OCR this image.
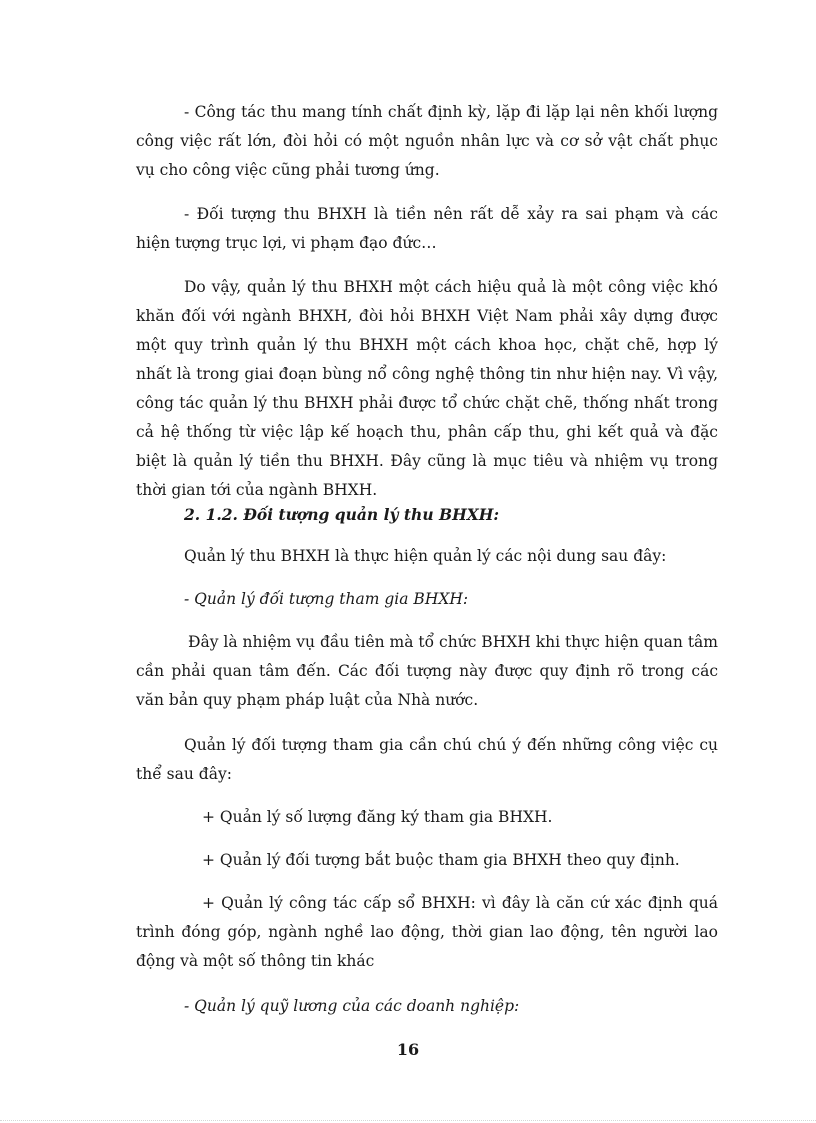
- Công tác thu mang tính chất định kỳ, lặp đi lặp lại nên khối lượng công việc rất lớn, đòi hỏi có một nguồn nhân lực và cơ sở vật chất phục vụ cho công việc cũng phải tương ứng.

- Đối tượng thu BHXH là tiền nên rất dễ xảy ra sai phạm và các hiện tượng trục lợi, vi phạm đạo đức…

Do vậy, quản lý thu BHXH một cách hiệu quả là một công việc khó khăn đối với ngành BHXH, đòi hỏi BHXH Việt Nam phải xây dựng được một quy trình quản lý thu BHXH một cách khoa học, chặt chẽ, hợp lý nhất là trong giai đoạn bùng nổ công nghệ thông tin như hiện nay. Vì vậy, công tác quản lý thu BHXH phải được tổ chức chặt chẽ, thống nhất trong cả hệ thống từ việc lập kế hoạch thu, phân cấp thu, ghi kết quả và đặc biệt là quản lý tiền thu BHXH. Đây cũng là mục tiêu và nhiệm vụ trong thời gian tới của ngành BHXH.

2. 1.2. Đối tượng quản lý thu BHXH:

Quản lý thu BHXH là thực hiện quản lý các nội dung sau đây:

- Quản lý đối tượng tham gia BHXH:

Đây là nhiệm vụ đầu tiên mà tổ chức BHXH khi thực hiện quan tâm cần phải quan tâm đến. Các đối tượng này được quy định rõ trong các văn bản quy phạm pháp luật của Nhà nước.

Quản lý đối tượng tham gia cần chú chú ý đến những công việc cụ thể sau đây:

+ Quản lý số lượng đăng ký tham gia BHXH.

+ Quản lý đối tượng bắt buộc tham gia BHXH theo quy định.

+ Quản lý công tác cấp sổ BHXH: vì đây là căn cứ xác định quá trình đóng góp, ngành nghề lao động, thời gian lao động, tên người lao động và một số thông tin khác

- Quản lý quỹ lương của các doanh nghiệp:

16
